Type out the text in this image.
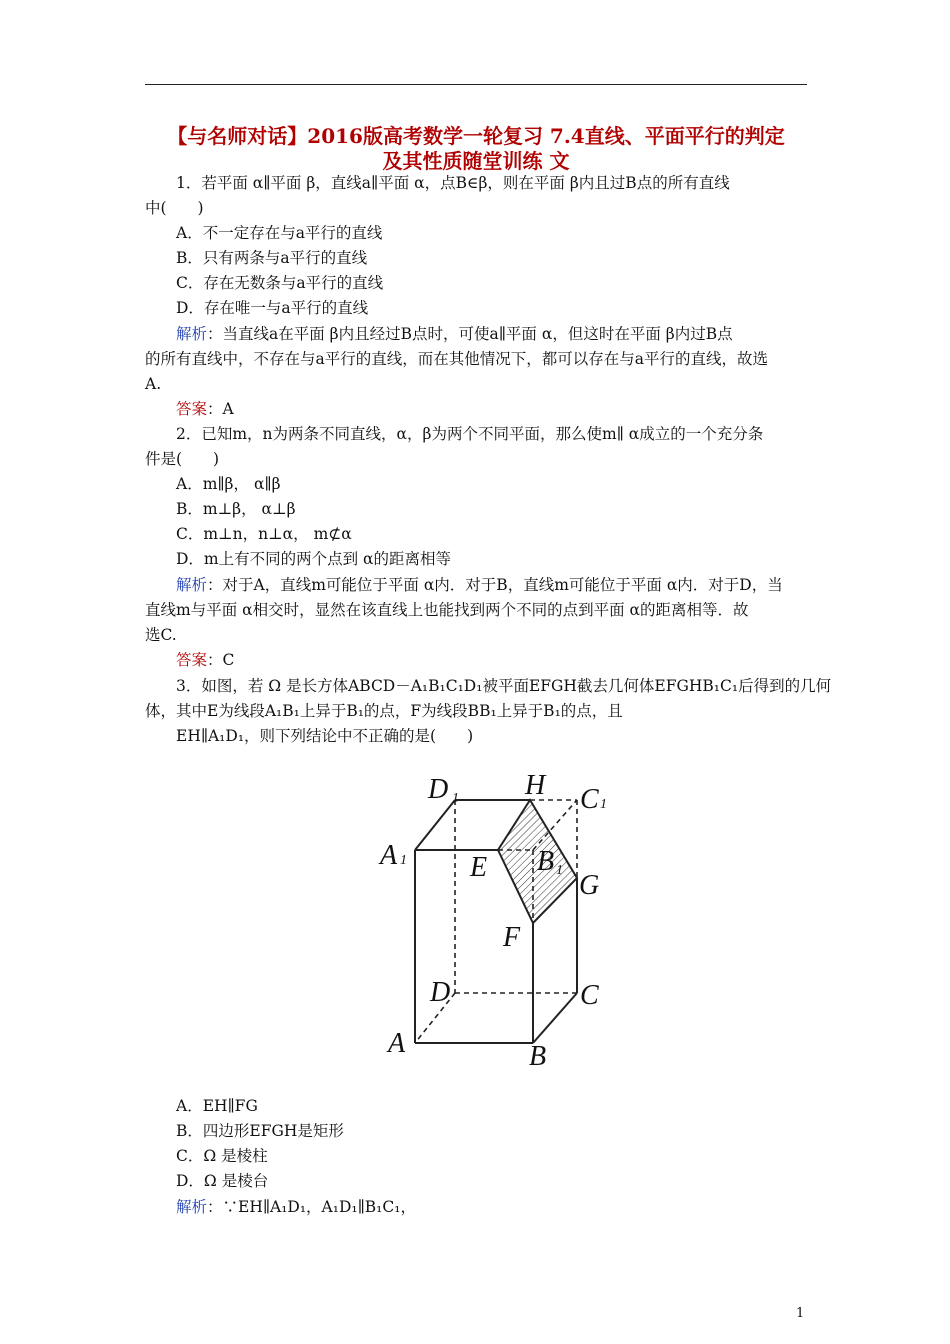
【与名师对话】2016版高考数学一轮复习 7.4直线、平面平行的判定
及其性质随堂训练 文
1．若平面 α∥平面 β，直线a∥平面 α，点B∈β，则在平面 β内且过B点的所有直线
中(　　)
A．不一定存在与a平行的直线
B．只有两条与a平行的直线
C．存在无数条与a平行的直线
D．存在唯一与a平行的直线
解析：当直线a在平面 β内且经过B点时，可使a∥平面 α，但这时在平面 β内过B点
的所有直线中，不存在与a平行的直线，而在其他情况下，都可以存在与a平行的直线，故选
A.
答案：A
2．已知m，n为两条不同直线，α，β为两个不同平面，那么使m∥ α成立的一个充分条
件是(　　)
A．m∥β， α∥β
B．m⊥β， α⊥β
C．m⊥n，n⊥α， m⊄α
D．m上有不同的两个点到 α的距离相等
解析：对于A，直线m可能位于平面 α内．对于B，直线m可能位于平面 α内．对于D，当
直线m与平面 α相交时，显然在该直线上也能找到两个不同的点到平面 α的距离相等．故
选C.
答案：C
3．如图，若 Ω 是长方体ABCD－A₁B₁C₁D₁被平面EFGH截去几何体EFGHB₁C₁后得到的几何
体，其中E为线段A₁B₁上异于B₁的点，F为线段BB₁上异于B₁的点，且
EH∥A₁D₁，则下列结论中不正确的是(　　)
D 1 H C 1
A 1 E B 1 G
F
D	C
A	B
A．EH∥FG
B．四边形EFGH是矩形
C．Ω 是棱柱
D．Ω 是棱台
解析：∵EH∥A₁D₁，A₁D₁∥B₁C₁，
1
